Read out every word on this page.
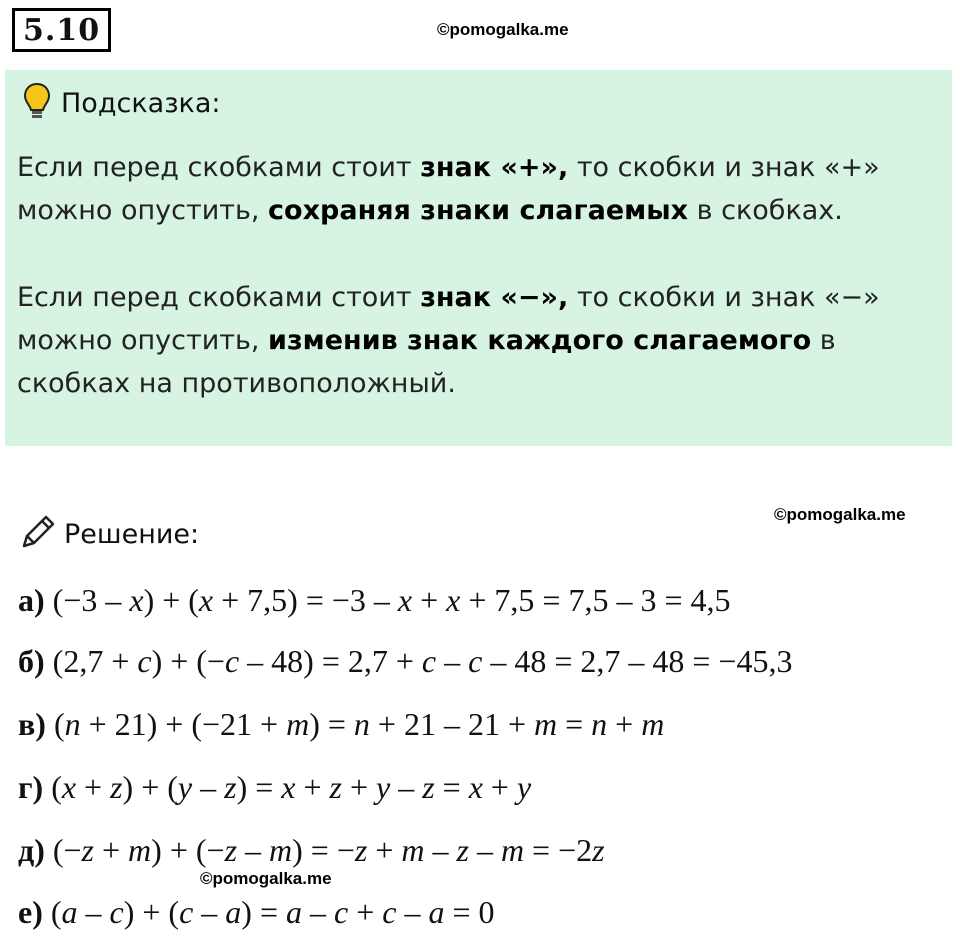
5.10	©pomogalka.me
Подсказка:
Если перед скобками стоит знак «+», то скобки и знак «+» можно опустить, сохраняя знаки слагаемых в скобках.
Если перед скобками стоит знак «−», то скобки и знак «−» можно опустить, изменив знак каждого слагаемого в скобках на противоположный.
©pomogalka.me
Решение:
а) (−3 – x) + (x + 7,5) = −3 – x + x + 7,5 = 7,5 – 3 = 4,5
б) (2,7 + c) + (−c – 48) = 2,7 + c – c – 48 = 2,7 – 48 = −45,3
в) (n + 21) + (−21 + m) = n + 21 – 21 + m = n + m
г) (x + z) + (y – z) = x + z + y – z = x + y
д) (−z + m) + (−z – m) = −z + m – z – m = −2z
©pomogalka.me
е) (a – c) + (c – a) = a – c + c – a = 0
